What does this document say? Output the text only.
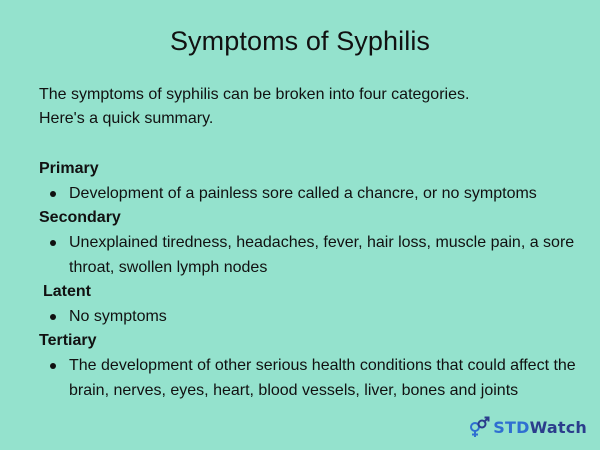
Symptoms of Syphilis
The symptoms of syphilis can be broken into four categories.
Here's a quick summary.
Primary
Development of a painless sore called a chancre, or no symptoms
Secondary
Unexplained tiredness, headaches, fever, hair loss, muscle pain, a sore throat, swollen lymph nodes
Latent
No symptoms
Tertiary
The development of other serious health conditions that could affect the brain, nerves, eyes, heart, blood vessels, liver, bones and joints
STDWatch
